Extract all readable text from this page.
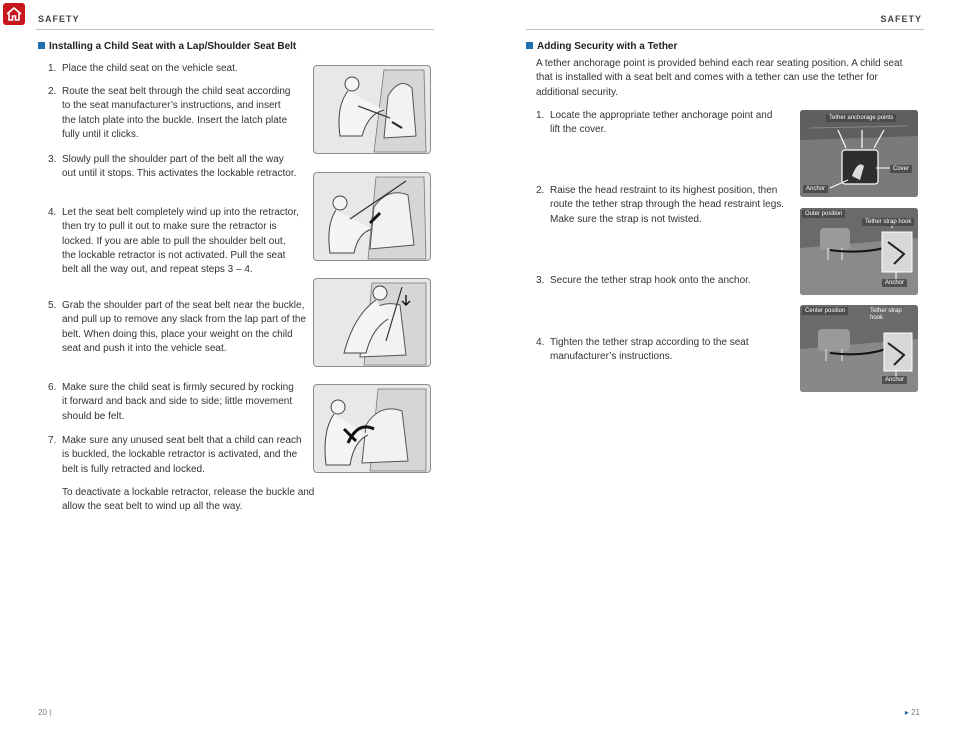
SAFETY	SAFETY
Installing a Child Seat with a Lap/Shoulder Seat Belt
1. Place the child seat on the vehicle seat.
2. Route the seat belt through the child seat according to the seat manufacturer’s instructions, and insert the latch plate into the buckle. Insert the latch plate fully until it clicks.
3. Slowly pull the shoulder part of the belt all the way out until it stops. This activates the lockable retractor.
4. Let the seat belt completely wind up into the retractor, then try to pull it out to make sure the retractor is locked. If you are able to pull the shoulder belt out, the lockable retractor is not activated. Pull the seat belt all the way out, and repeat steps 3 – 4.
5. Grab the shoulder part of the seat belt near the buckle, and pull up to remove any slack from the lap part of the belt. When doing this, place your weight on the child seat and push it into the vehicle seat.
6. Make sure the child seat is firmly secured by rocking it forward and back and side to side; little movement should be felt.
7. Make sure any unused seat belt that a child can reach is buckled, the lockable retractor is activated, and the belt is fully retracted and locked.
To deactivate a lockable retractor, release the buckle and allow the seat belt to wind up all the way.
Adding Security with a Tether
A tether anchorage point is provided behind each rear seating position. A child seat that is installed with a seat belt and comes with a tether can use the tether for additional security.
1. Locate the appropriate tether anchorage point and lift the cover.
2. Raise the head restraint to its highest position, then route the tether strap through the head restraint legs. Make sure the strap is not twisted.
3. Secure the tether strap hook onto the anchor.
4. Tighten the tether strap according to the seat manufacturer’s instructions.
Tether anchorage points
Cover
Anchor
Outer position
Tether strap hook
Anchor
Center position	Tether strap hook
Anchor
20 |	▸ 21
